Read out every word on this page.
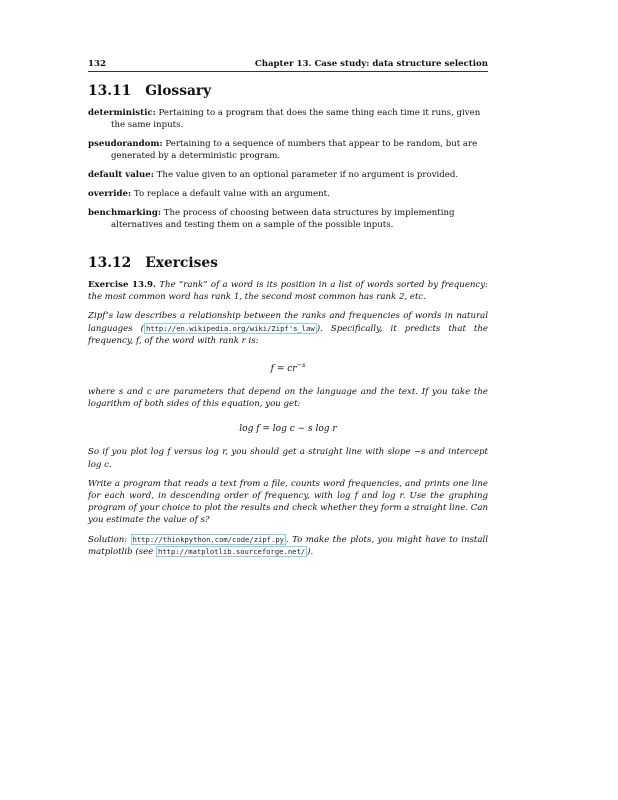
132	Chapter 13. Case study: data structure selection
13.11 Glossary

deterministic: Pertaining to a program that does the same thing each time it runs, given the same inputs.

pseudorandom: Pertaining to a sequence of numbers that appear to be random, but are generated by a deterministic program.

default value: The value given to an optional parameter if no argument is provided.

override: To replace a default value with an argument.

benchmarking: The process of choosing between data structures by implementing alternatives and testing them on a sample of the possible inputs.

13.12 Exercises

Exercise 13.9. The “rank” of a word is its position in a list of words sorted by frequency: the most common word has rank 1, the second most common has rank 2, etc.

Zipf’s law describes a relationship between the ranks and frequencies of words in natural languages ( http://en.wikipedia.org/wiki/Zipf's_law ). Specifically, it predicts that the frequency, f, of the word with rank r is:

$f = cr^{-s}$

where s and c are parameters that depend on the language and the text. If you take the logarithm of both sides of this equation, you get:

log f = log c − s log r

So if you plot log f versus log r, you should get a straight line with slope −s and intercept log c.

Write a program that reads a text from a file, counts word frequencies, and prints one line for each word, in descending order of frequency, with log f and log r. Use the graphing program of your choice to plot the results and check whether they form a straight line. Can you estimate the value of s?

Solution: http://thinkpython.com/code/zipf.py . To make the plots, you might have to install matplotlib (see http://matplotlib.sourceforge.net/ ).
